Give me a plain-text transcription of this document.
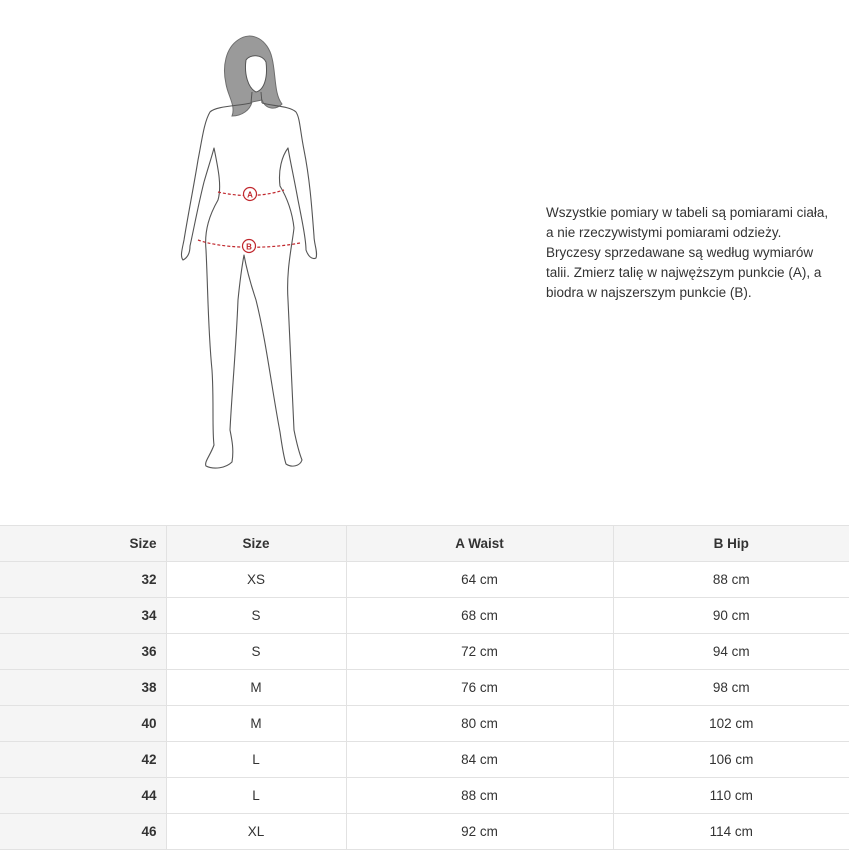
A
B

Wszystkie pomiary w tabeli są pomiarami ciała,
a nie rzeczywistymi pomiarami odzieży.
Bryczesy sprzedawane są według wymiarów
talii. Zmierz talię w najwęższym punkcie (A), a
biodra w najszerszym punkcie (B).

Size	Size	A Waist	B Hip
32	XS	64 cm	88 cm
34	S	68 cm	90 cm
36	S	72 cm	94 cm
38	M	76 cm	98 cm
40	M	80 cm	102 cm
42	L	84 cm	106 cm
44	L	88 cm	110 cm
46	XL	92 cm	114 cm
